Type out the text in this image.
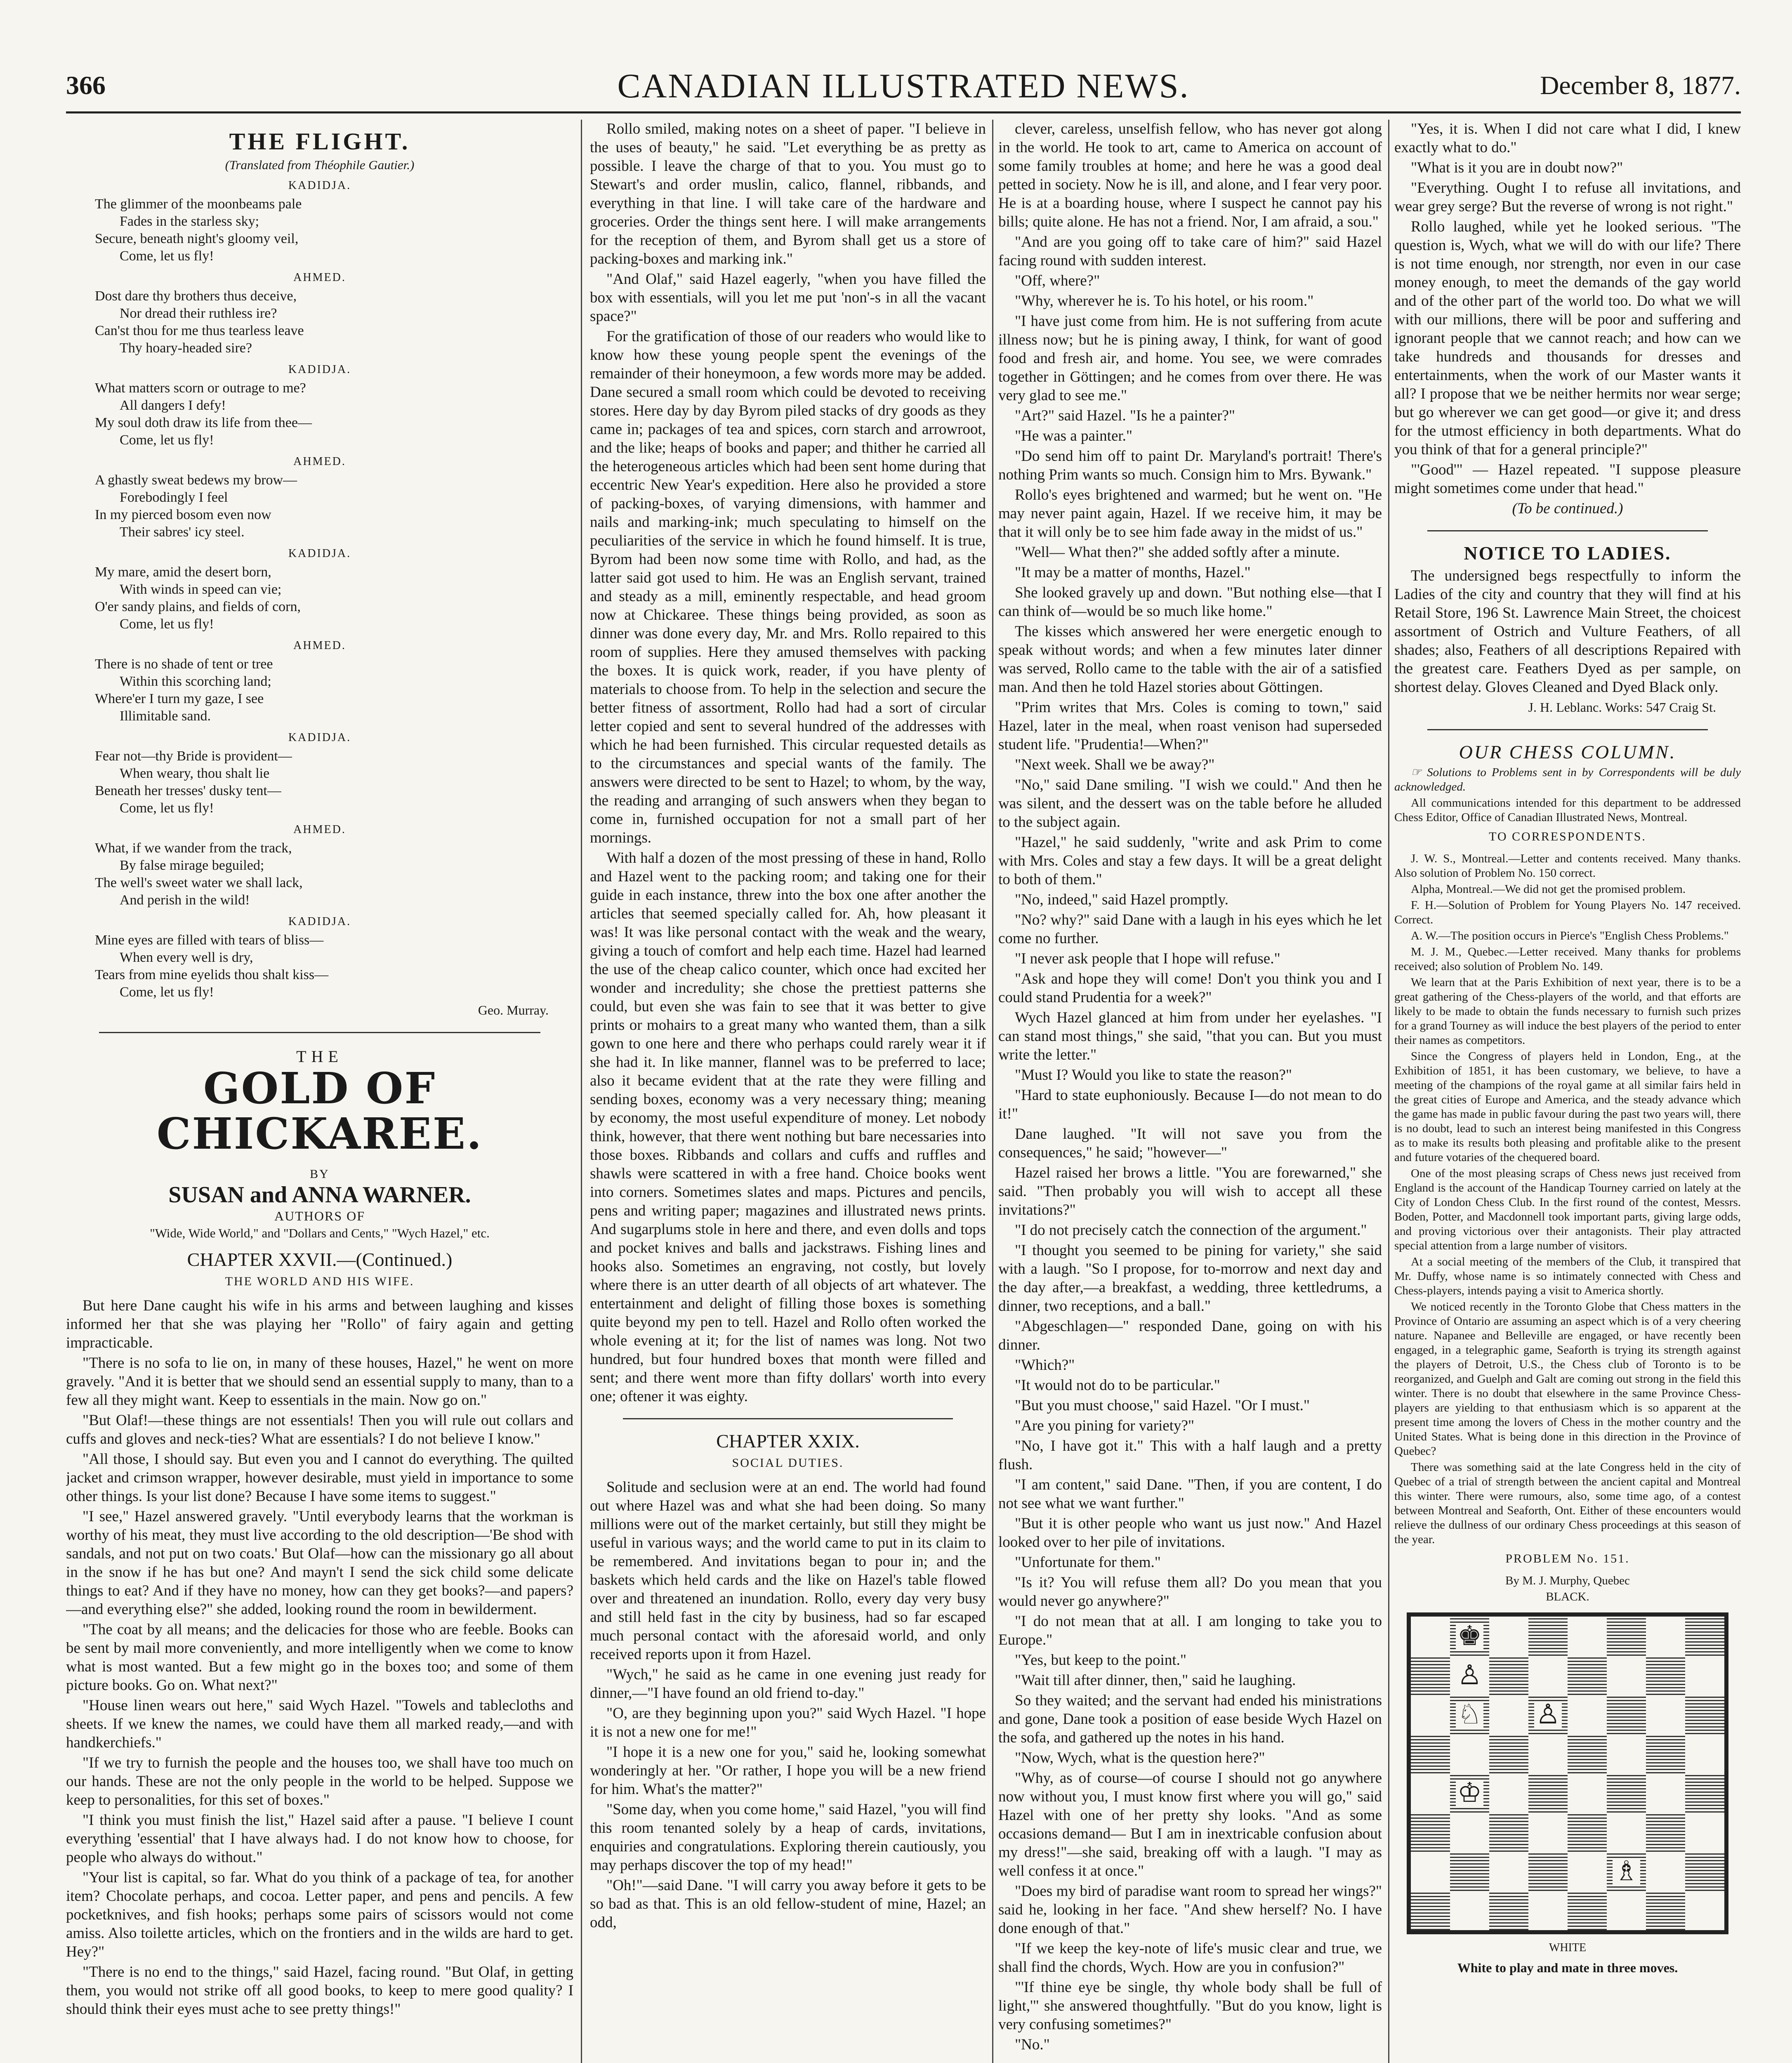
366	CANADIAN ILLUSTRATED NEWS.	December 8, 1877.
THE FLIGHT.

(Translated from Théophile Gautier.)

KADIDJA.
The glimmer of the moonbeams pale
Fades in the starless sky;
Secure, beneath night's gloomy veil,
Come, let us fly!
AHMED.
Dost dare thy brothers thus deceive,
Nor dread their ruthless ire?
Can'st thou for me thus tearless leave
Thy hoary-headed sire?
KADIDJA.
What matters scorn or outrage to me?
All dangers I defy!
My soul doth draw its life from thee—
Come, let us fly!
AHMED.
A ghastly sweat bedews my brow—
Forebodingly I feel
In my pierced bosom even now
Their sabres' icy steel.
KADIDJA.
My mare, amid the desert born,
With winds in speed can vie;
O'er sandy plains, and fields of corn,
Come, let us fly!
AHMED.
There is no shade of tent or tree
Within this scorching land;
Where'er I turn my gaze, I see
Illimitable sand.
KADIDJA.
Fear not—thy Bride is provident—
When weary, thou shalt lie
Beneath her tresses' dusky tent—
Come, let us fly!
AHMED.
What, if we wander from the track,
By false mirage beguiled;
The well's sweet water we shall lack,
And perish in the wild!
KADIDJA.
Mine eyes are filled with tears of bliss—
When every well is dry,
Tears from mine eyelids thou shalt kiss—
Come, let us fly!

Geo. Murray.

THE
GOLD OF CHICKAREE.
BY
SUSAN and ANNA WARNER.
AUTHORS OF

"Wide, Wide World," and "Dollars and Cents," "Wych Hazel," etc.

CHAPTER XXVII.—(Continued.)
THE WORLD AND HIS WIFE.

But here Dane caught his wife in his arms and between laughing and kisses informed her that she was playing her "Rollo" of fairy again and getting impracticable.

"There is no sofa to lie on, in many of these houses, Hazel," he went on more gravely. "And it is better that we should send an essential supply to many, than to a few all they might want. Keep to essentials in the main. Now go on."

"But Olaf!—these things are not essentials! Then you will rule out collars and cuffs and gloves and neck-ties? What are essentials? I do not believe I know."

"All those, I should say. But even you and I cannot do everything. The quilted jacket and crimson wrapper, however desirable, must yield in importance to some other things. Is your list done? Because I have some items to suggest."

"I see," Hazel answered gravely. "Until everybody learns that the workman is worthy of his meat, they must live according to the old description—'Be shod with sandals, and not put on two coats.' But Olaf—how can the missionary go all about in the snow if he has but one? And mayn't I send the sick child some delicate things to eat? And if they have no money, how can they get books?—and papers?—and everything else?" she added, looking round the room in bewilderment.

"The coat by all means; and the delicacies for those who are feeble. Books can be sent by mail more conveniently, and more intelligently when we come to know what is most wanted. But a few might go in the boxes too; and some of them picture books. Go on. What next?"

"House linen wears out here," said Wych Hazel. "Towels and tablecloths and sheets. If we knew the names, we could have them all marked ready,—and with handkerchiefs."

"If we try to furnish the people and the houses too, we shall have too much on our hands. These are not the only people in the world to be helped. Suppose we keep to personalities, for this set of boxes."

"I think you must finish the list," Hazel said after a pause. "I believe I count everything 'essential' that I have always had. I do not know how to choose, for people who always do without."

"Your list is capital, so far. What do you think of a package of tea, for another item? Chocolate perhaps, and cocoa. Letter paper, and pens and pencils. A few pocketknives, and fish hooks; perhaps some pairs of scissors would not come amiss. Also toilette articles, which on the frontiers and in the wilds are hard to get. Hey?"

"There is no end to the things," said Hazel, facing round. "But Olaf, in getting them, you would not strike off all good books, to keep to mere good quality? I should think their eyes must ache to see pretty things!"

Rollo smiled, making notes on a sheet of paper. "I believe in the uses of beauty," he said. "Let everything be as pretty as possible. I leave the charge of that to you. You must go to Stewart's and order muslin, calico, flannel, ribbands, and everything in that line. I will take care of the hardware and groceries. Order the things sent here. I will make arrangements for the reception of them, and Byrom shall get us a store of packing-boxes and marking ink."

"And Olaf," said Hazel eagerly, "when you have filled the box with essentials, will you let me put 'non'-s in all the vacant space?"

For the gratification of those of our readers who would like to know how these young people spent the evenings of the remainder of their honeymoon, a few words more may be added. Dane secured a small room which could be devoted to receiving stores. Here day by day Byrom piled stacks of dry goods as they came in; packages of tea and spices, corn starch and arrowroot, and the like; heaps of books and paper; and thither he carried all the heterogeneous articles which had been sent home during that eccentric New Year's expedition. Here also he provided a store of packing-boxes, of varying dimensions, with hammer and nails and marking-ink; much speculating to himself on the peculiarities of the service in which he found himself. It is true, Byrom had been now some time with Rollo, and had, as the latter said got used to him. He was an English servant, trained and steady as a mill, eminently respectable, and head groom now at Chickaree. These things being provided, as soon as dinner was done every day, Mr. and Mrs. Rollo repaired to this room of supplies. Here they amused themselves with packing the boxes. It is quick work, reader, if you have plenty of materials to choose from. To help in the selection and secure the better fitness of assortment, Rollo had had a sort of circular letter copied and sent to several hundred of the addresses with which he had been furnished. This circular requested details as to the circumstances and special wants of the family. The answers were directed to be sent to Hazel; to whom, by the way, the reading and arranging of such answers when they began to come in, furnished occupation for not a small part of her mornings.

With half a dozen of the most pressing of these in hand, Rollo and Hazel went to the packing room; and taking one for their guide in each instance, threw into the box one after another the articles that seemed specially called for. Ah, how pleasant it was! It was like personal contact with the weak and the weary, giving a touch of comfort and help each time. Hazel had learned the use of the cheap calico counter, which once had excited her wonder and incredulity; she chose the prettiest patterns she could, but even she was fain to see that it was better to give prints or mohairs to a great many who wanted them, than a silk gown to one here and there who perhaps could rarely wear it if she had it. In like manner, flannel was to be preferred to lace; also it became evident that at the rate they were filling and sending boxes, economy was a very necessary thing; meaning by economy, the most useful expenditure of money. Let nobody think, however, that there went nothing but bare necessaries into those boxes. Ribbands and collars and cuffs and ruffles and shawls were scattered in with a free hand. Choice books went into corners. Sometimes slates and maps. Pictures and pencils, pens and writing paper; magazines and illustrated news prints. And sugarplums stole in here and there, and even dolls and tops and pocket knives and balls and jackstraws. Fishing lines and hooks also. Sometimes an engraving, not costly, but lovely where there is an utter dearth of all objects of art whatever. The entertainment and delight of filling those boxes is something quite beyond my pen to tell. Hazel and Rollo often worked the whole evening at it; for the list of names was long. Not two hundred, but four hundred boxes that month were filled and sent; and there went more than fifty dollars' worth into every one; oftener it was eighty.

CHAPTER XXIX.
SOCIAL DUTIES.

Solitude and seclusion were at an end. The world had found out where Hazel was and what she had been doing. So many millions were out of the market certainly, but still they might be useful in various ways; and the world came to put in its claim to be remembered. And invitations began to pour in; and the baskets which held cards and the like on Hazel's table flowed over and threatened an inundation. Rollo, every day very busy and still held fast in the city by business, had so far escaped much personal contact with the aforesaid world, and only received reports upon it from Hazel.

"Wych," he said as he came in one evening just ready for dinner,—"I have found an old friend to-day."

"O, are they beginning upon you?" said Wych Hazel. "I hope it is not a new one for me!"

"I hope it is a new one for you," said he, looking somewhat wonderingly at her. "Or rather, I hope you will be a new friend for him. What's the matter?"

"Some day, when you come home," said Hazel, "you will find this room tenanted solely by a heap of cards, invitations, enquiries and congratulations. Exploring therein cautiously, you may perhaps discover the top of my head!"

"Oh!"—said Dane. "I will carry you away before it gets to be so bad as that. This is an old fellow-student of mine, Hazel; an odd,

clever, careless, unselfish fellow, who has never got along in the world. He took to art, came to America on account of some family troubles at home; and here he was a good deal petted in society. Now he is ill, and alone, and I fear very poor. He is at a boarding house, where I suspect he cannot pay his bills; quite alone. He has not a friend. Nor, I am afraid, a sou."

"And are you going off to take care of him?" said Hazel facing round with sudden interest.

"Off, where?"

"Why, wherever he is. To his hotel, or his room."

"I have just come from him. He is not suffering from acute illness now; but he is pining away, I think, for want of good food and fresh air, and home. You see, we were comrades together in Göttingen; and he comes from over there. He was very glad to see me."

"Art?" said Hazel. "Is he a painter?"

"He was a painter."

"Do send him off to paint Dr. Maryland's portrait! There's nothing Prim wants so much. Consign him to Mrs. Bywank."

Rollo's eyes brightened and warmed; but he went on. "He may never paint again, Hazel. If we receive him, it may be that it will only be to see him fade away in the midst of us."

"Well— What then?" she added softly after a minute.

"It may be a matter of months, Hazel."

She looked gravely up and down. "But nothing else—that I can think of—would be so much like home."

The kisses which answered her were energetic enough to speak without words; and when a few minutes later dinner was served, Rollo came to the table with the air of a satisfied man. And then he told Hazel stories about Göttingen.

"Prim writes that Mrs. Coles is coming to town," said Hazel, later in the meal, when roast venison had superseded student life. "Prudentia!—When?"

"Next week. Shall we be away?"

"No," said Dane smiling. "I wish we could." And then he was silent, and the dessert was on the table before he alluded to the subject again.

"Hazel," he said suddenly, "write and ask Prim to come with Mrs. Coles and stay a few days. It will be a great delight to both of them."

"No, indeed," said Hazel promptly.

"No? why?" said Dane with a laugh in his eyes which he let come no further.

"I never ask people that I hope will refuse."

"Ask and hope they will come! Don't you think you and I could stand Prudentia for a week?"

Wych Hazel glanced at him from under her eyelashes. "I can stand most things," she said, "that you can. But you must write the letter."

"Must I? Would you like to state the reason?"

"Hard to state euphoniously. Because I—do not mean to do it!"

Dane laughed. "It will not save you from the consequences," he said; "however—"

Hazel raised her brows a little. "You are forewarned," she said. "Then probably you will wish to accept all these invitations?"

"I do not precisely catch the connection of the argument."

"I thought you seemed to be pining for variety," she said with a laugh. "So I propose, for to-morrow and next day and the day after,—a breakfast, a wedding, three kettledrums, a dinner, two receptions, and a ball."

"Abgeschlagen—" responded Dane, going on with his dinner.

"Which?"

"It would not do to be particular."

"But you must choose," said Hazel. "Or I must."

"Are you pining for variety?"

"No, I have got it." This with a half laugh and a pretty flush.

"I am content," said Dane. "Then, if you are content, I do not see what we want further."

"But it is other people who want us just now." And Hazel looked over to her pile of invitations.

"Unfortunate for them."

"Is it? You will refuse them all? Do you mean that you would never go anywhere?"

"I do not mean that at all. I am longing to take you to Europe."

"Yes, but keep to the point."

"Wait till after dinner, then," said he laughing.

So they waited; and the servant had ended his ministrations and gone, Dane took a position of ease beside Wych Hazel on the sofa, and gathered up the notes in his hand.

"Now, Wych, what is the question here?"

"Why, as of course—of course I should not go anywhere now without you, I must know first where you will go," said Hazel with one of her pretty shy looks. "And as some occasions demand— But I am in inextricable confusion about my dress!"—she said, breaking off with a laugh. "I may as well confess it at once."

"Does my bird of paradise want room to spread her wings?" said he, looking in her face. "And shew herself? No. I have done enough of that."

"If we keep the key-note of life's music clear and true, we shall find the chords, Wych. How are you in confusion?"

"'If thine eye be single, thy whole body shall be full of light,'" she answered thoughtfully. "But do you know, light is very confusing sometimes?"

"No."

"Yes, it is. When I did not care what I did, I knew exactly what to do."

"What is it you are in doubt now?"

"Everything. Ought I to refuse all invitations, and wear grey serge? But the reverse of wrong is not right."

Rollo laughed, while yet he looked serious. "The question is, Wych, what we will do with our life? There is not time enough, nor strength, nor even in our case money enough, to meet the demands of the gay world and of the other part of the world too. Do what we will with our millions, there will be poor and suffering and ignorant people that we cannot reach; and how can we take hundreds and thousands for dresses and entertainments, when the work of our Master wants it all? I propose that we be neither hermits nor wear serge; but go wherever we can get good—or give it; and dress for the utmost efficiency in both departments. What do you think of that for a general principle?"

"'Good'" — Hazel repeated. "I suppose pleasure might sometimes come under that head."

(To be continued.)

NOTICE TO LADIES.

The undersigned begs respectfully to inform the Ladies of the city and country that they will find at his Retail Store, 196 St. Lawrence Main Street, the choicest assortment of Ostrich and Vulture Feathers, of all shades; also, Feathers of all descriptions Repaired with the greatest care. Feathers Dyed as per sample, on shortest delay. Gloves Cleaned and Dyed Black only.

J. H. Leblanc. Works: 547 Craig St.

OUR CHESS COLUMN.

☞ Solutions to Problems sent in by Correspondents will be duly acknowledged.

All communications intended for this department to be addressed Chess Editor, Office of Canadian Illustrated News, Montreal.

TO CORRESPONDENTS.

J. W. S., Montreal.—Letter and contents received. Many thanks. Also solution of Problem No. 150 correct.

Alpha, Montreal.—We did not get the promised problem.

F. H.—Solution of Problem for Young Players No. 147 received. Correct.

A. W.—The position occurs in Pierce's "English Chess Problems."

M. J. M., Quebec.—Letter received. Many thanks for problems received; also solution of Problem No. 149.

We learn that at the Paris Exhibition of next year, there is to be a great gathering of the Chess-players of the world, and that efforts are likely to be made to obtain the funds necessary to furnish such prizes for a grand Tourney as will induce the best players of the period to enter their names as competitors.

Since the Congress of players held in London, Eng., at the Exhibition of 1851, it has been customary, we believe, to have a meeting of the champions of the royal game at all similar fairs held in the great cities of Europe and America, and the steady advance which the game has made in public favour during the past two years will, there is no doubt, lead to such an interest being manifested in this Congress as to make its results both pleasing and profitable alike to the present and future votaries of the chequered board.

One of the most pleasing scraps of Chess news just received from England is the account of the Handicap Tourney carried on lately at the City of London Chess Club. In the first round of the contest, Messrs. Boden, Potter, and Macdonnell took important parts, giving large odds, and proving victorious over their antagonists. Their play attracted special attention from a large number of visitors.

At a social meeting of the members of the Club, it transpired that Mr. Duffy, whose name is so intimately connected with Chess and Chess-players, intends paying a visit to America shortly.

We noticed recently in the Toronto Globe that Chess matters in the Province of Ontario are assuming an aspect which is of a very cheering nature. Napanee and Belleville are engaged, or have recently been engaged, in a telegraphic game, Seaforth is trying its strength against the players of Detroit, U.S., the Chess club of Toronto is to be reorganized, and Guelph and Galt are coming out strong in the field this winter. There is no doubt that elsewhere in the same Province Chess-players are yielding to that enthusiasm which is so apparent at the present time among the lovers of Chess in the mother country and the United States. What is being done in this direction in the Province of Quebec?

There was something said at the late Congress held in the city of Quebec of a trial of strength between the ancient capital and Montreal this winter. There were rumours, also, some time ago, of a contest between Montreal and Seaforth, Ont. Either of these encounters would relieve the dullness of our ordinary Chess proceedings at this season of the year.

PROBLEM No. 151.

By M. J. Murphy, Quebec

BLACK.

♚
♙
♘ ♙
♔
♗

WHITE

White to play and mate in three moves.
